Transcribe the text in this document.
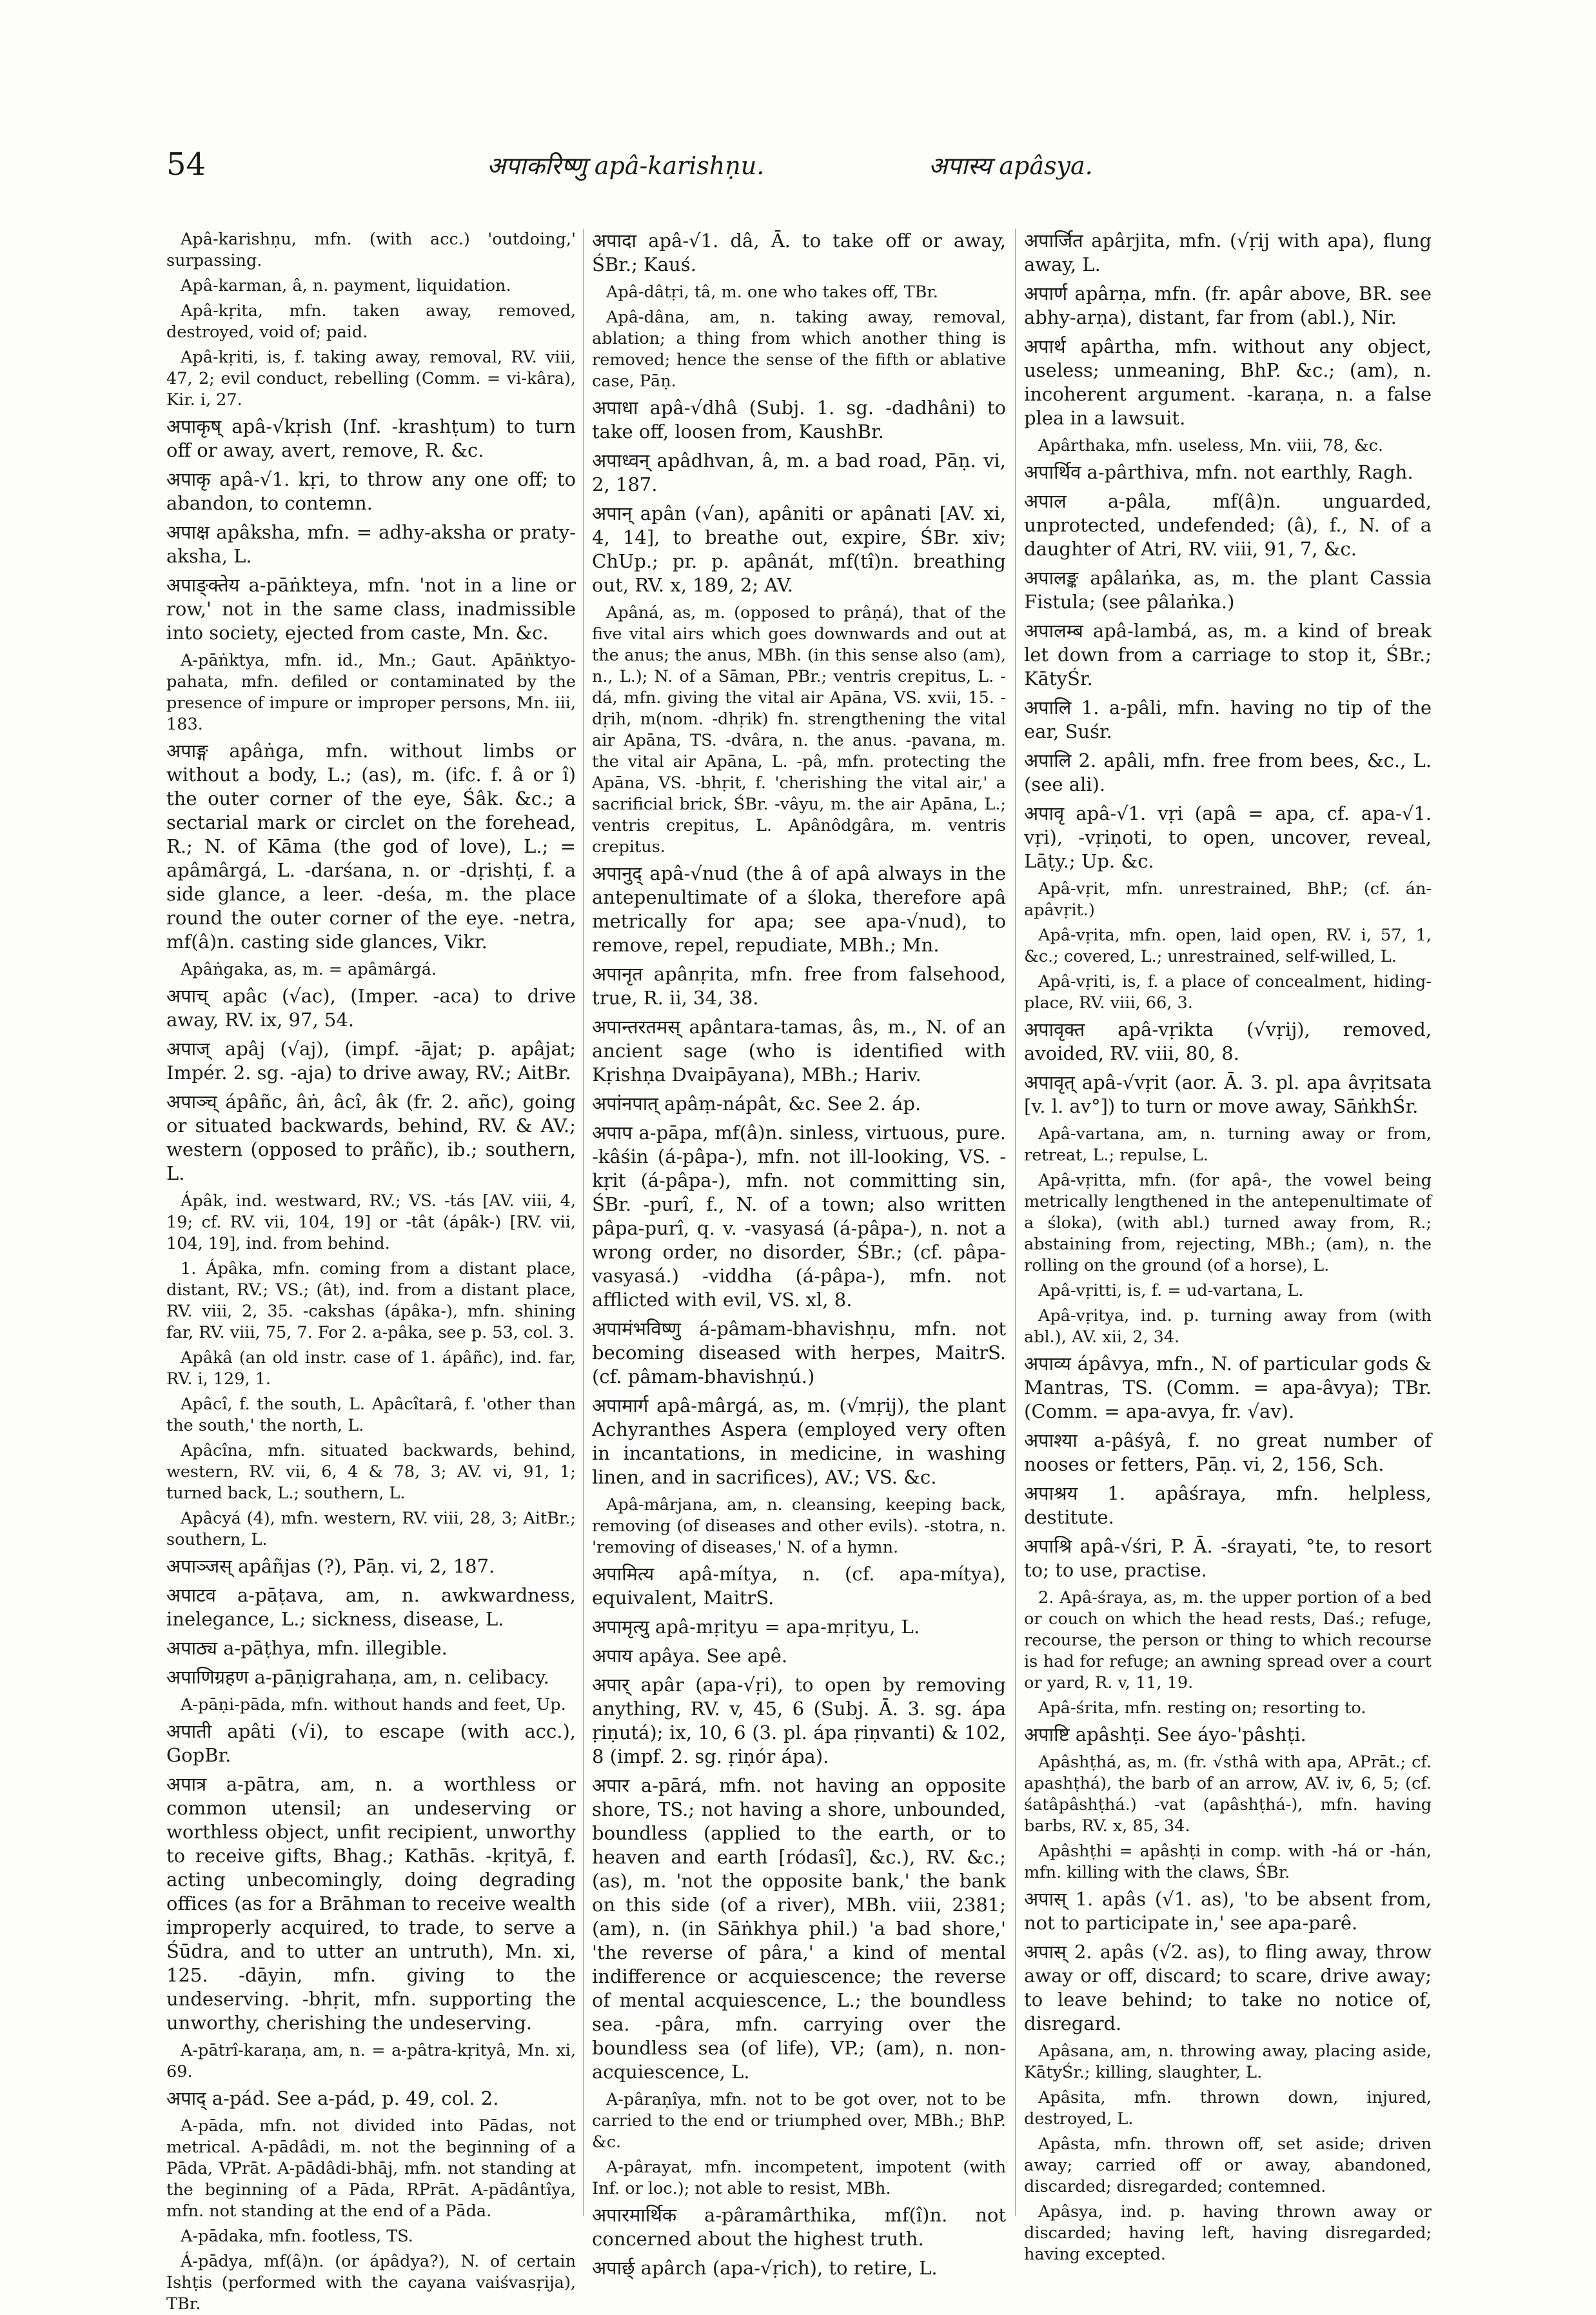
54	अपाकरिष्णु apâ-karishṇu.	अपास्य apâsya.

Apâ-karishṇu, mfn. (with acc.) 'outdoing,' surpassing.

Apâ-karman, â, n. payment, liquidation.

Apâ-kṛita, mfn. taken away, removed, destroyed, void of; paid.

Apâ-kṛiti, is, f. taking away, removal, RV. viii, 47, 2; evil conduct, rebelling (Comm. = vi-kâra), Kir. i, 27.

अपाकृष् apâ-√kṛish (Inf. -krashṭum) to turn off or away, avert, remove, R. &c.

अपाकृ apâ-√1. kṛi, to throw any one off; to abandon, to contemn.

अपाक्ष apâksha, mfn. = adhy-aksha or praty-aksha, L.

अपाङ्क्तेय a-pāṅkteya, mfn. 'not in a line or row,' not in the same class, inadmissible into society, ejected from caste, Mn. &c.

A-pāṅktya, mfn. id., Mn.; Gaut. Apāṅktyo-pahata, mfn. defiled or contaminated by the presence of impure or improper persons, Mn. iii, 183.

अपाङ्ग apâṅga, mfn. without limbs or without a body, L.; (as), m. (ifc. f. â or î) the outer corner of the eye, Śâk. &c.; a sectarial mark or circlet on the forehead, R.; N. of Kāma (the god of love), L.; = apâmârgá, L. -darśana, n. or -dṛishṭi, f. a side glance, a leer. -deśa, m. the place round the outer corner of the eye. -netra, mf(â)n. casting side glances, Vikr.

Apâṅgaka, as, m. = apâmârgá.

अपाच् apâc (√ac), (Imper. -aca) to drive away, RV. ix, 97, 54.

अपाज् apâj (√aj), (impf. -ājat; p. apâjat; Impér. 2. sg. -aja) to drive away, RV.; AitBr.

अपाञ्च् ápâñc, âṅ, âcî, âk (fr. 2. añc), going or situated backwards, behind, RV. & AV.; western (opposed to prâñc), ib.; southern, L.

Ápâk, ind. westward, RV.; VS. -tás [AV. viii, 4, 19; cf. RV. vii, 104, 19] or -tât (ápâk-) [RV. vii, 104, 19], ind. from behind.

1. Ápâka, mfn. coming from a distant place, distant, RV.; VS.; (ât), ind. from a distant place, RV. viii, 2, 35. -cakshas (ápâka-), mfn. shining far, RV. viii, 75, 7. For 2. a-pâka, see p. 53, col. 3.

Apâkâ (an old instr. case of 1. ápâñc), ind. far, RV. i, 129, 1.

Apâcî, f. the south, L. Apâcîtarâ, f. 'other than the south,' the north, L.

Apâcîna, mfn. situated backwards, behind, western, RV. vii, 6, 4 & 78, 3; AV. vi, 91, 1; turned back, L.; southern, L.

Apâcyá (4), mfn. western, RV. viii, 28, 3; AitBr.; southern, L.

अपाञ्जस् apâñjas (?), Pāṇ. vi, 2, 187.

अपाटव a-pāṭava, am, n. awkwardness, inelegance, L.; sickness, disease, L.

अपाठ्य a-pāṭhya, mfn. illegible.

अपाणिग्रहण a-pāṇigrahaṇa, am, n. celibacy.

A-pāṇi-pāda, mfn. without hands and feet, Up.

अपाती apâti (√i), to escape (with acc.), GopBr.

अपात्र a-pātra, am, n. a worthless or common utensil; an undeserving or worthless object, unfit recipient, unworthy to receive gifts, Bhag.; Kathās. -kṛityā, f. acting unbecomingly, doing degrading offices (as for a Brāhman to receive wealth improperly acquired, to trade, to serve a Śūdra, and to utter an untruth), Mn. xi, 125. -dāyin, mfn. giving to the undeserving. -bhṛit, mfn. supporting the unworthy, cherishing the undeserving.

A-pātrî-karaṇa, am, n. = a-pâtra-kṛityâ, Mn. xi, 69.

अपाद् a-pád. See a-pád, p. 49, col. 2.

A-pāda, mfn. not divided into Pādas, not metrical. A-pādâdi, m. not the beginning of a Pāda, VPrāt. A-pādâdi-bhāj, mfn. not standing at the beginning of a Pāda, RPrāt. A-pādântîya, mfn. not standing at the end of a Pāda.

A-pādaka, mfn. footless, TS.

Á-pādya, mf(â)n. (or ápâdya?), N. of certain Ishṭis (performed with the cayana vaiśvasṛija), TBr.

अपादा apâ-√1. dâ, Ā. to take off or away, ŚBr.; Kauś.

Apâ-dâtṛi, tâ, m. one who takes off, TBr.

Apâ-dâna, am, n. taking away, removal, ablation; a thing from which another thing is removed; hence the sense of the fifth or ablative case, Pāṇ.

अपाधा apâ-√dhâ (Subj. 1. sg. -dadhâni) to take off, loosen from, KaushBr.

अपाध्वन् apâdhvan, â, m. a bad road, Pāṇ. vi, 2, 187.

अपान् apân (√an), apâniti or apânati [AV. xi, 4, 14], to breathe out, expire, ŚBr. xiv; ChUp.; pr. p. apânát, mf(tî)n. breathing out, RV. x, 189, 2; AV.

Apâná, as, m. (opposed to prâṇá), that of the five vital airs which goes downwards and out at the anus; the anus, MBh. (in this sense also (am), n., L.); N. of a Sāman, PBr.; ventris crepitus, L. -dá, mfn. giving the vital air Apāna, VS. xvii, 15. -dṛih, m(nom. -dhṛik) fn. strengthening the vital air Apāna, TS. -dvâra, n. the anus. -pavana, m. the vital air Apāna, L. -pâ, mfn. protecting the Apāna, VS. -bhṛit, f. 'cherishing the vital air,' a sacrificial brick, ŚBr. -vâyu, m. the air Apāna, L.; ventris crepitus, L. Apânôdgâra, m. ventris crepitus.

अपानुद् apâ-√nud (the â of apâ always in the antepenultimate of a śloka, therefore apâ metrically for apa; see apa-√nud), to remove, repel, repudiate, MBh.; Mn.

अपानृत apânṛita, mfn. free from falsehood, true, R. ii, 34, 38.

अपान्तरतमस् apântara-tamas, âs, m., N. of an ancient sage (who is identified with Kṛishṇa Dvaipāyana), MBh.; Hariv.

अपांनपात् apâṃ-nápât, &c. See 2. áp.

अपाप a-pāpa, mf(â)n. sinless, virtuous, pure. -kâśin (á-pâpa-), mfn. not ill-looking, VS. -kṛit (á-pâpa-), mfn. not committing sin, ŚBr. -purî, f., N. of a town; also written pâpa-purî, q. v. -vasyasá (á-pâpa-), n. not a wrong order, no disorder, ŚBr.; (cf. pâpa-vasyasá.) -viddha (á-pâpa-), mfn. not afflicted with evil, VS. xl, 8.

अपामंभविष्णु á-pâmam-bhavishṇu, mfn. not becoming diseased with herpes, MaitrS. (cf. pâmam-bhavishṇú.)

अपामार्ग apâ-mârgá, as, m. (√mṛij), the plant Achyranthes Aspera (employed very often in incantations, in medicine, in washing linen, and in sacrifices), AV.; VS. &c.

Apâ-mârjana, am, n. cleansing, keeping back, removing (of diseases and other evils). -stotra, n. 'removing of diseases,' N. of a hymn.

अपामित्य apâ-mítya, n. (cf. apa-mítya), equivalent, MaitrS.

अपामृत्यु apâ-mṛityu = apa-mṛityu, L.

अपाय apâya. See apê.

अपार् apâr (apa-√ṛi), to open by removing anything, RV. v, 45, 6 (Subj. Ā. 3. sg. ápa ṛiṇutá); ix, 10, 6 (3. pl. ápa ṛiṇvanti) & 102, 8 (impf. 2. sg. ṛiṇór ápa).

अपार a-pārá, mfn. not having an opposite shore, TS.; not having a shore, unbounded, boundless (applied to the earth, or to heaven and earth [ródasî], &c.), RV. &c.; (as), m. 'not the opposite bank,' the bank on this side (of a river), MBh. viii, 2381; (am), n. (in Sāṅkhya phil.) 'a bad shore,' 'the reverse of pâra,' a kind of mental indifference or acquiescence; the reverse of mental acquiescence, L.; the boundless sea. -pâra, mfn. carrying over the boundless sea (of life), VP.; (am), n. non-acquiescence, L.

A-pâraṇîya, mfn. not to be got over, not to be carried to the end or triumphed over, MBh.; BhP. &c.

A-pârayat, mfn. incompetent, impotent (with Inf. or loc.); not able to resist, MBh.

अपारमार्थिक a-pâramârthika, mf(î)n. not concerned about the highest truth.

अपार्छ् apârch (apa-√ṛich), to retire, L.

अपार्जित apârjita, mfn. (√ṛij with apa), flung away, L.

अपार्ण apârṇa, mfn. (fr. apâr above, BR. see abhy-arṇa), distant, far from (abl.), Nir.

अपार्थ apârtha, mfn. without any object, useless; unmeaning, BhP. &c.; (am), n. incoherent argument. -karaṇa, n. a false plea in a lawsuit.

Apârthaka, mfn. useless, Mn. viii, 78, &c.

अपार्थिव a-pârthiva, mfn. not earthly, Ragh.

अपाल a-pâla, mf(â)n. unguarded, unprotected, undefended; (â), f., N. of a daughter of Atri, RV. viii, 91, 7, &c.

अपालङ्क apâlaṅka, as, m. the plant Cassia Fistula; (see pâlaṅka.)

अपालम्ब apâ-lambá, as, m. a kind of break let down from a carriage to stop it, ŚBr.; KātyŚr.

अपालि 1. a-pâli, mfn. having no tip of the ear, Suśr.

अपालि 2. apâli, mfn. free from bees, &c., L. (see ali).

अपावृ apâ-√1. vṛi (apâ = apa, cf. apa-√1. vṛi), -vṛiṇoti, to open, uncover, reveal, Lāṭy.; Up. &c.

Apâ-vṛit, mfn. unrestrained, BhP.; (cf. án-apâvṛit.)

Apâ-vṛita, mfn. open, laid open, RV. i, 57, 1, &c.; covered, L.; unrestrained, self-willed, L.

Apâ-vṛiti, is, f. a place of concealment, hiding-place, RV. viii, 66, 3.

अपावृक्त apâ-vṛikta (√vṛij), removed, avoided, RV. viii, 80, 8.

अपावृत् apâ-√vṛit (aor. Ā. 3. pl. apa âvṛitsata [v. l. av°]) to turn or move away, SāṅkhŚr.

Apâ-vartana, am, n. turning away or from, retreat, L.; repulse, L.

Apâ-vṛitta, mfn. (for apâ-, the vowel being metrically lengthened in the antepenultimate of a śloka), (with abl.) turned away from, R.; abstaining from, rejecting, MBh.; (am), n. the rolling on the ground (of a horse), L.

Apâ-vṛitti, is, f. = ud-vartana, L.

Apâ-vṛitya, ind. p. turning away from (with abl.), AV. xii, 2, 34.

अपाव्य ápâvya, mfn., N. of particular gods & Mantras, TS. (Comm. = apa-âvya); TBr. (Comm. = apa-avya, fr. √av).

अपाश्या a-pâśyâ, f. no great number of nooses or fetters, Pāṇ. vi, 2, 156, Sch.

अपाश्रय 1. apâśraya, mfn. helpless, destitute.

अपाश्रि apâ-√śri, P. Ā. -śrayati, °te, to resort to; to use, practise.

2. Apâ-śraya, as, m. the upper portion of a bed or couch on which the head rests, Daś.; refuge, recourse, the person or thing to which recourse is had for refuge; an awning spread over a court or yard, R. v, 11, 19.

Apâ-śrita, mfn. resting on; resorting to.

अपाष्टि apâshṭi. See áyo-'pâshṭi.

Apâshṭhá, as, m. (fr. √sthâ with apa, APrāt.; cf. apashṭhá), the barb of an arrow, AV. iv, 6, 5; (cf. śatâpâshṭhá.) -vat (apâshṭhá-), mfn. having barbs, RV. x, 85, 34.

Apâshṭhi = apâshṭi in comp. with -há or -hán, mfn. killing with the claws, ŚBr.

अपास् 1. apâs (√1. as), 'to be absent from, not to participate in,' see apa-parê.

अपास् 2. apâs (√2. as), to fling away, throw away or off, discard; to scare, drive away; to leave behind; to take no notice of, disregard.

Apâsana, am, n. throwing away, placing aside, KātyŚr.; killing, slaughter, L.

Apâsita, mfn. thrown down, injured, destroyed, L.

Apâsta, mfn. thrown off, set aside; driven away; carried off or away, abandoned, discarded; disregarded; contemned.

Apâsya, ind. p. having thrown away or discarded; having left, having disregarded; having excepted.
